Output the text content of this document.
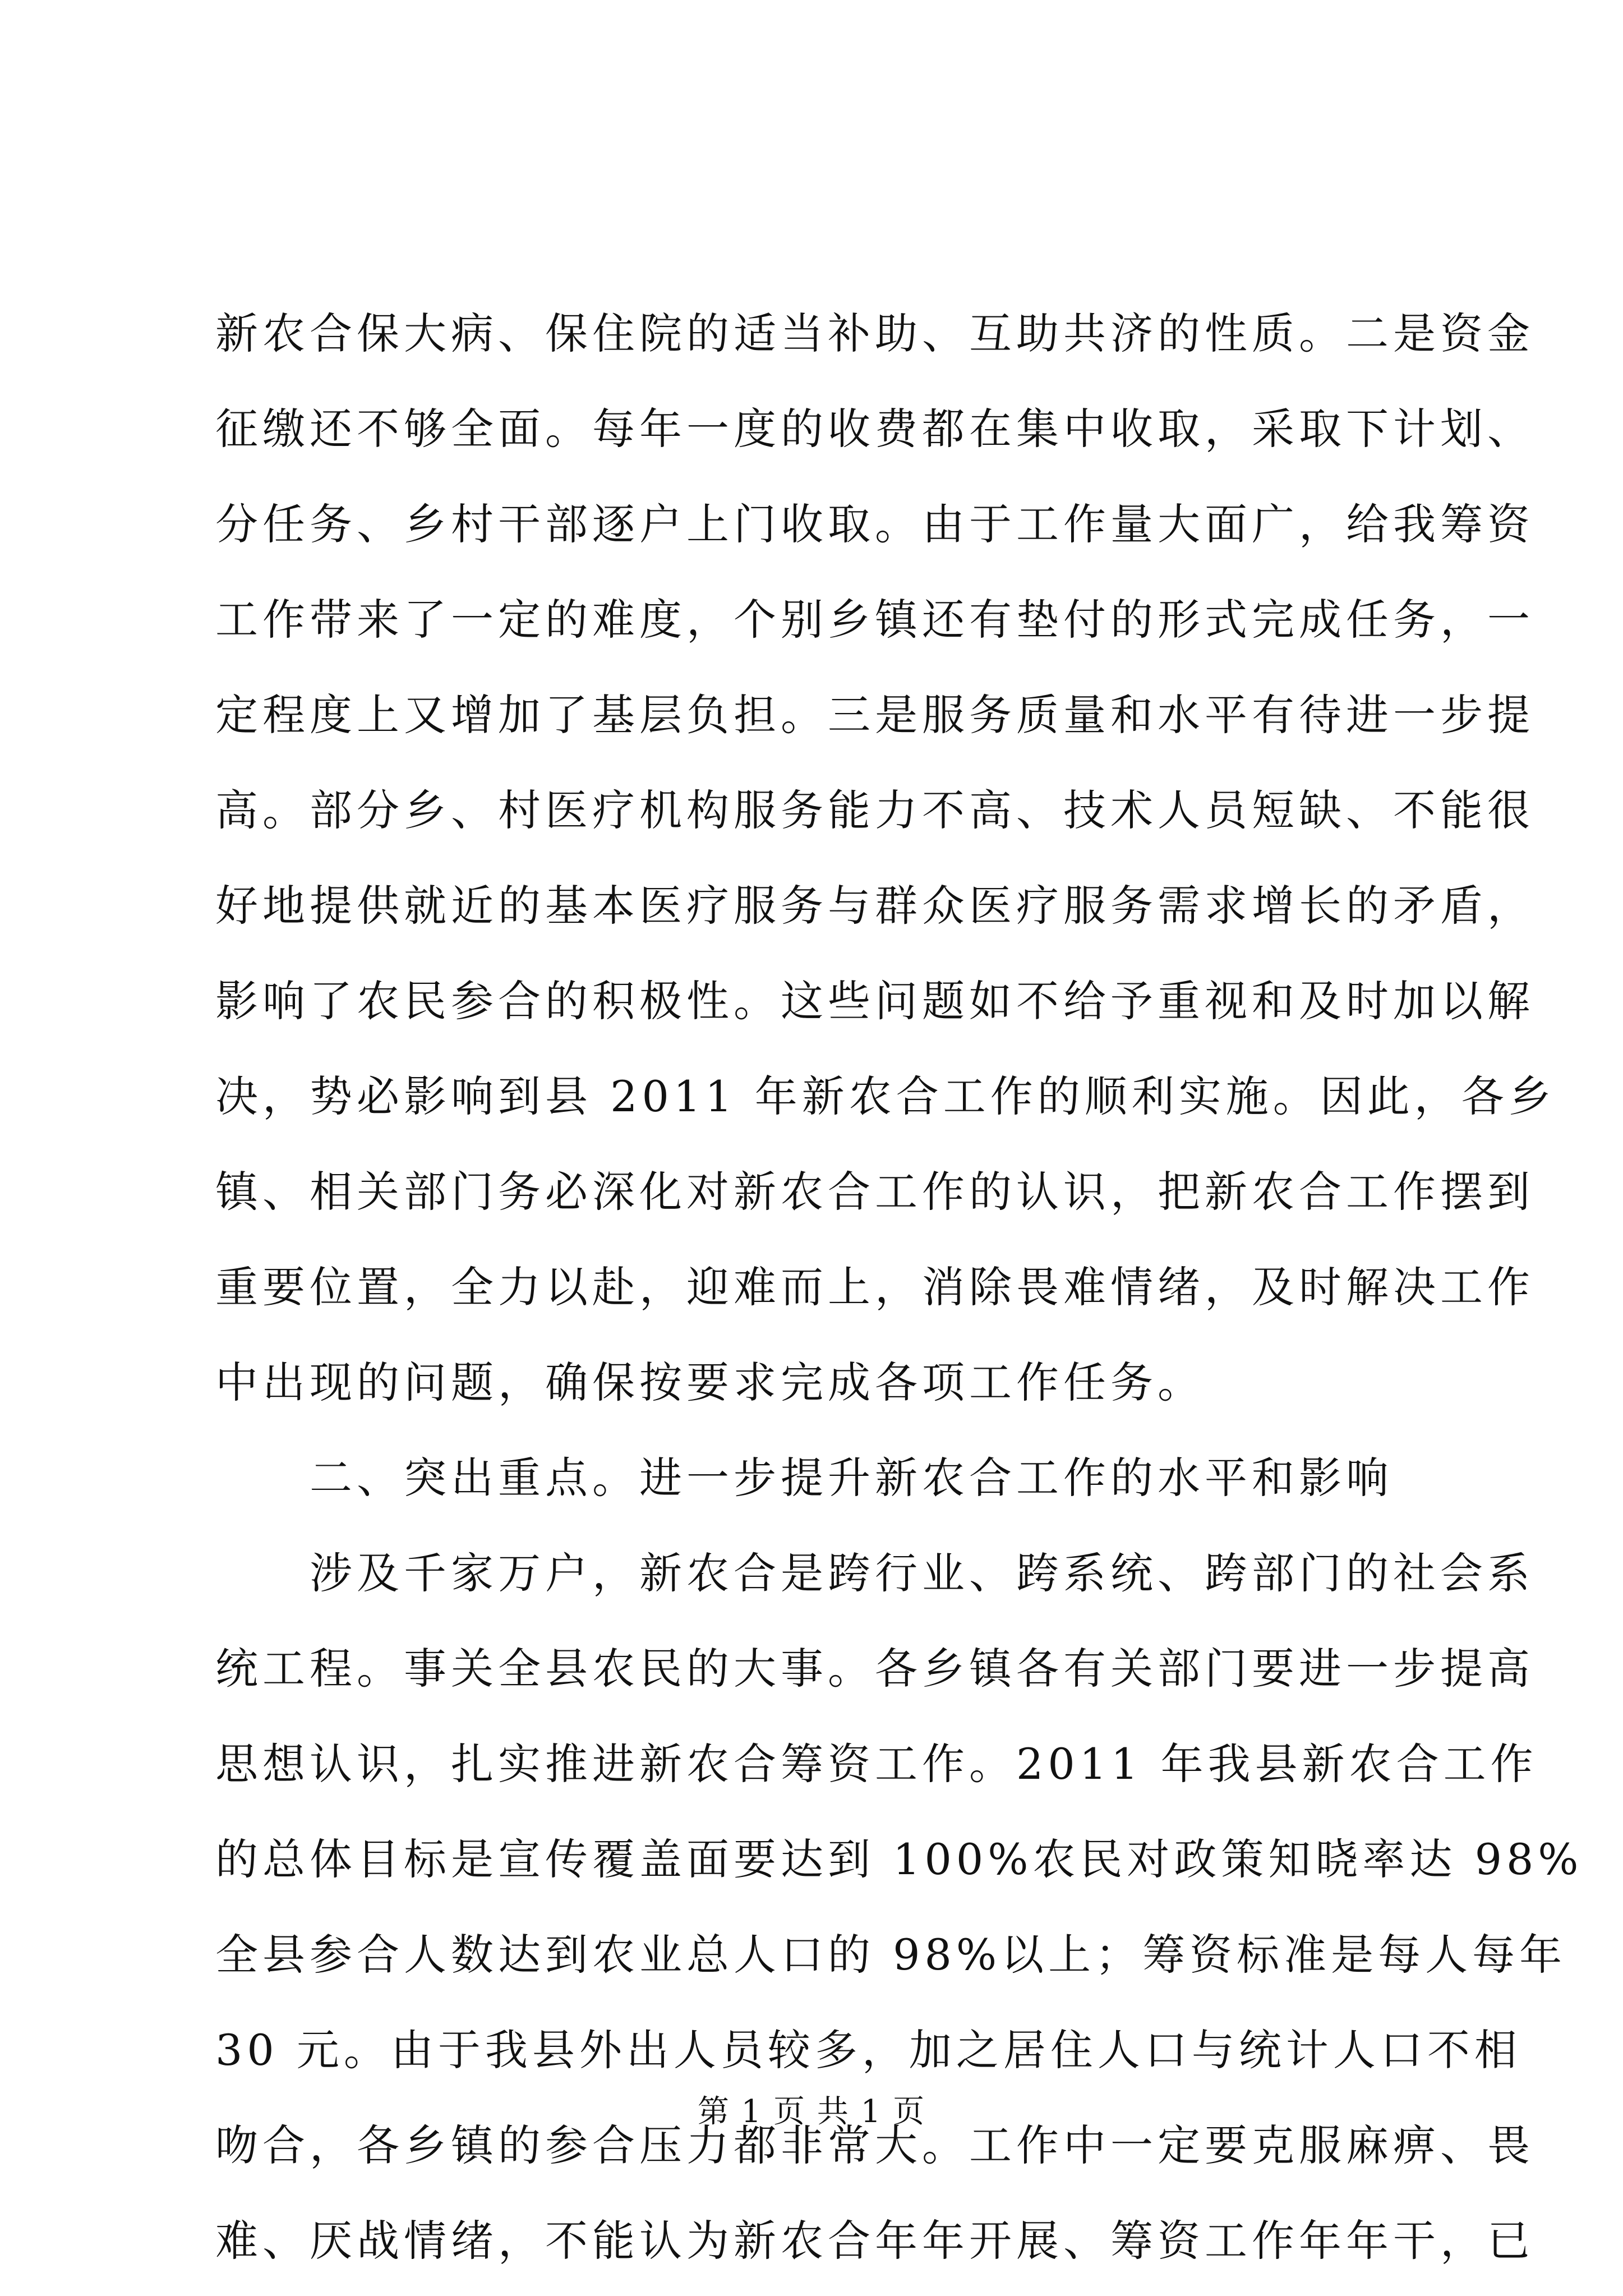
新农合保大病、保住院的适当补助、互助共济的性质。二是资金
征缴还不够全面。每年一度的收费都在集中收取，采取下计划、
分任务、乡村干部逐户上门收取。由于工作量大面广，给我筹资
工作带来了一定的难度，个别乡镇还有垫付的形式完成任务，一
定程度上又增加了基层负担。三是服务质量和水平有待进一步提
高。部分乡、村医疗机构服务能力不高、技术人员短缺、不能很
好地提供就近的基本医疗服务与群众医疗服务需求增长的矛盾，
影响了农民参合的积极性。这些问题如不给予重视和及时加以解
决，势必影响到县 2011 年新农合工作的顺利实施。因此，各乡
镇、相关部门务必深化对新农合工作的认识，把新农合工作摆到
重要位置，全力以赴，迎难而上，消除畏难情绪，及时解决工作
中出现的问题，确保按要求完成各项工作任务。
　　二、突出重点。进一步提升新农合工作的水平和影响
　　涉及千家万户，新农合是跨行业、跨系统、跨部门的社会系
统工程。事关全县农民的大事。各乡镇各有关部门要进一步提高
思想认识，扎实推进新农合筹资工作。2011 年我县新农合工作
的总体目标是宣传覆盖面要达到 100%农民对政策知晓率达 98%
全县参合人数达到农业总人口的 98%以上；筹资标准是每人每年
30 元。由于我县外出人员较多，加之居住人口与统计人口不相
吻合，各乡镇的参合压力都非常大。工作中一定要克服麻痹、畏
难、厌战情绪，不能认为新农合年年开展、筹资工作年年干，已
第 1 页 共 1 页
